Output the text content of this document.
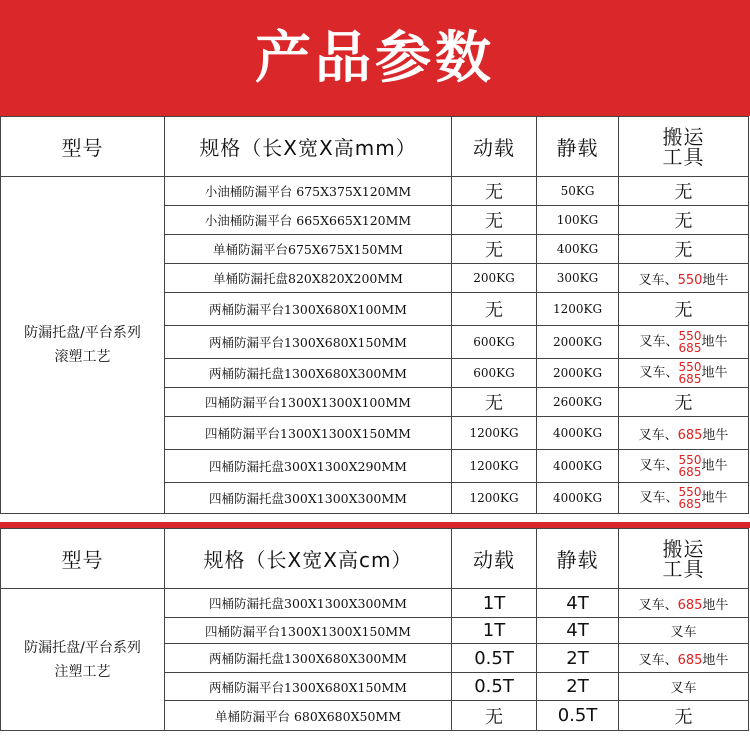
产品参数
型号	规格（长X宽X高mm）	动载	静载	搬运
工具
防漏托盘/平台系列
滚塑工艺	小油桶防漏平台 675X375X120MM	无	50KG	无
	小油桶防漏平台 665X665X120MM	无	100KG	无
	单桶防漏平台675X675X150MM	无	400KG	无
	单桶防漏托盘820X820X200MM	200KG	300KG	叉车、550地牛
	两桶防漏平台1300X680X100MM	无	1200KG	无
	两桶防漏平台1300X680X150MM	600KG	2000KG	叉车、 550
685 地牛
	两桶防漏托盘1300X680X300MM	600KG	2000KG	叉车、 550
685 地牛
	四桶防漏平台1300X1300X100MM	无	2600KG	无
	四桶防漏平台1300X1300X150MM	1200KG	4000KG	叉车、685地牛
	四桶防漏托盘300X1300X290MM	1200KG	4000KG	叉车、 550
685 地牛
	四桶防漏托盘300X1300X300MM	1200KG	4000KG	叉车、 550
685 地牛
型号	规格（长X宽X高cm）	动载	静载	搬运
工具
防漏托盘/平台系列
注塑工艺	四桶防漏托盘300X1300X300MM	1T	4T	叉车、685地牛
	四桶防漏平台1300X1300X150MM	1T	4T	叉车
	两桶防漏托盘1300X680X300MM	0.5T	2T	叉车、685地牛
	两桶防漏平台1300X680X150MM	0.5T	2T	叉车
	单桶防漏平台 680X680X50MM	无	0.5T	无
